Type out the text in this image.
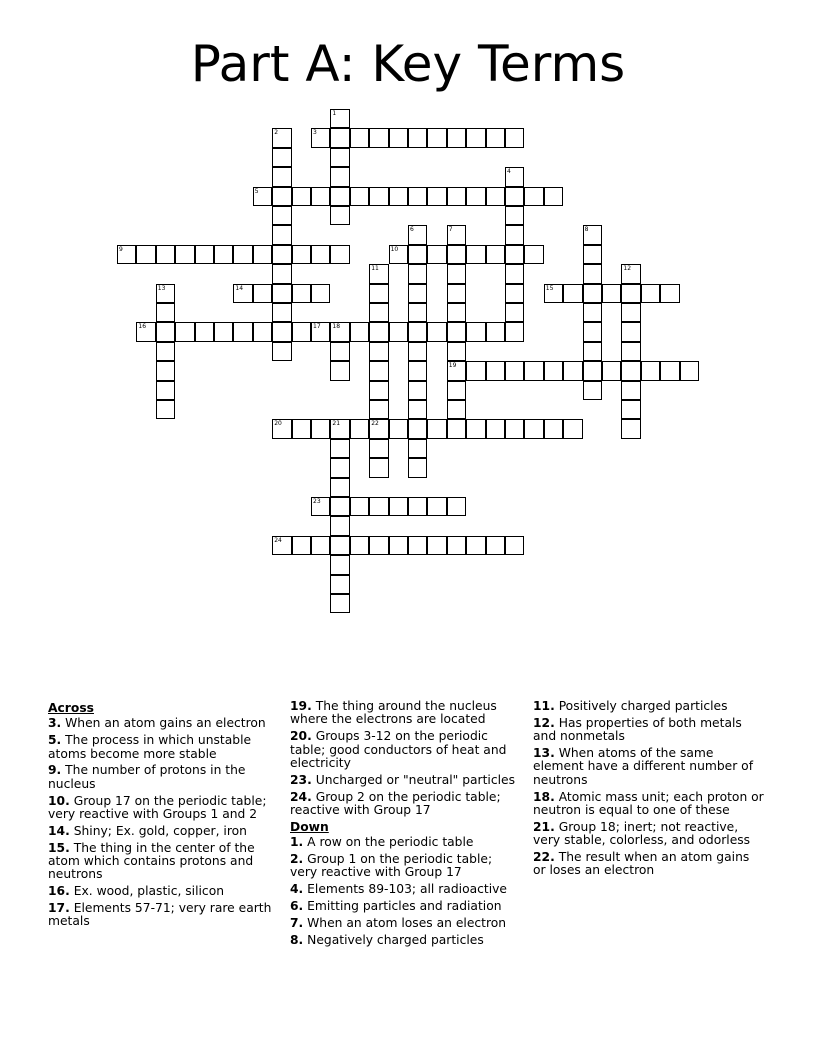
Part A: Key Terms
1
2	3
4
5
6	7
19
8
9	10
11
22
12
13	14	15
16	17 18
20	21
23
24
Across
3. When an atom gains an electron
5. The process in which unstable atoms become more stable
9. The number of protons in the nucleus
10. Group 17 on the periodic table; very reactive with Groups 1 and 2
14. Shiny; Ex. gold, copper, iron
15. The thing in the center of the atom which contains protons and neutrons
16. Ex. wood, plastic, silicon
17. Elements 57-71; very rare earth metals
19. The thing around the nucleus where the electrons are located
20. Groups 3-12 on the periodic table; good conductors of heat and electricity
23. Uncharged or "neutral" particles
24. Group 2 on the periodic table; reactive with Group 17
Down
1. A row on the periodic table
2. Group 1 on the periodic table; very reactive with Group 17
4. Elements 89-103; all radioactive
6. Emitting particles and radiation
7. When an atom loses an electron
8. Negatively charged particles
11. Positively charged particles
12. Has properties of both metals and nonmetals
13. When atoms of the same element have a different number of neutrons
18. Atomic mass unit; each proton or neutron is equal to one of these
21. Group 18; inert; not reactive, very stable, colorless, and odorless
22. The result when an atom gains or loses an electron
